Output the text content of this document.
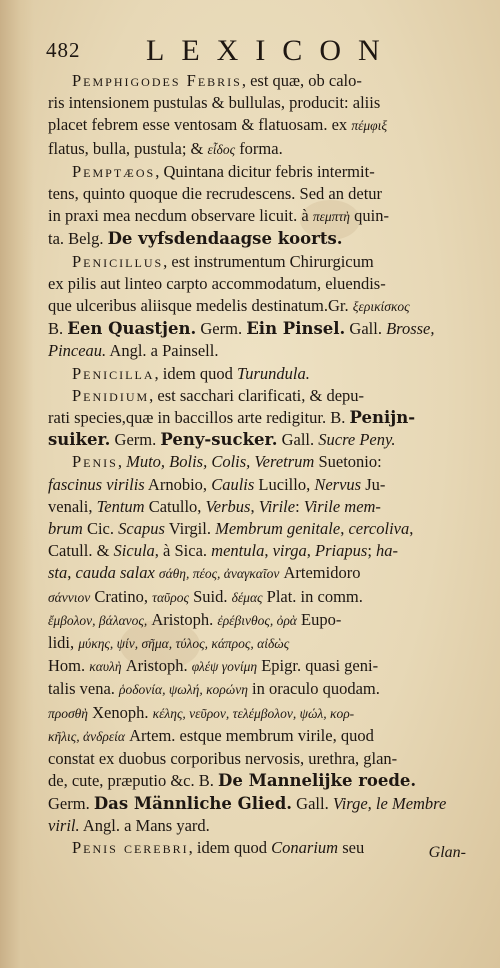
482 LEXICON
Pemphigodes Febris, est quæ, ob calo-
ris intensionem pustulas & bullulas, producit: aliis
placet febrem esse ventosam & flatuosam. ex πέμφιξ
flatus, bulla, pustula; & εἶδος forma.
Pemptæos, Quintana dicitur febris intermit-
tens, quinto quoque die recrudescens. Sed an detur
in praxi mea necdum observare licuit. à πεμπτὴ quin-
ta. Belg. De vyfsdendaagse koorts.
Penicillus, est instrumentum Chirurgicum
ex pilis aut linteo carpto accommodatum, eluendis-
que ulceribus aliisque medelis destinatum.Gr. ξερικίσκος
B. Een Quastjen. Germ. Ein Pinsel. Gall. Brosse,
Pinceau. Angl. a Painsell.
Penicilla, idem quod Turundula.
Penidium, est sacchari clarificati, & depu-
rati species,quæ in baccillos arte redigitur. B. Penijn-
suiker. Germ. Peny-sucker. Gall. Sucre Peny.
Penis, Muto, Bolis, Colis, Veretrum Suetonio:
fascinus virilis Arnobio, Caulis Lucillo, Nervus Ju-
venali, Tentum Catullo, Verbus, Virile: Virile mem-
brum Cic. Scapus Virgil. Membrum genitale, cercoliva,
Catull. & Sicula, à Sica. mentula, virga, Priapus; ha-
sta, cauda salax σάθη, πέος, ἀναγκαῖον Artemidoro
σάννιον Cratino, ταῦρος Suid. δέμας Plat. in comm.
ἔμβολον, βάλανος, Aristoph. ἐρέβινθος, ὀρὰ Eupo-
lidi, μύκης, ψίν, σῆμα, τύλος, κάπρος, αἰδὼς
Hom. καυλὴ Aristoph. φλέψ γονίμη Epigr. quasi geni-
talis vena. ῥοδονία, ψωλή, κορώνη in oraculo quodam.
προσθὴ Xenoph. κέλης, νεῦρον, τελέμβολον, ψώλ, κορ-
κῆλις, ἀνδρεία Artem. estque membrum virile, quod
constat ex duobus corporibus nervosis, urethra, glan-
de, cute, præputio &c. B. De Mannelijke roede.
Germ. Das Männliche Glied. Gall. Virge, le Membre
viril. Angl. a Mans yard.
Penis cerebri, idem quod Conarium seu	Glan-
